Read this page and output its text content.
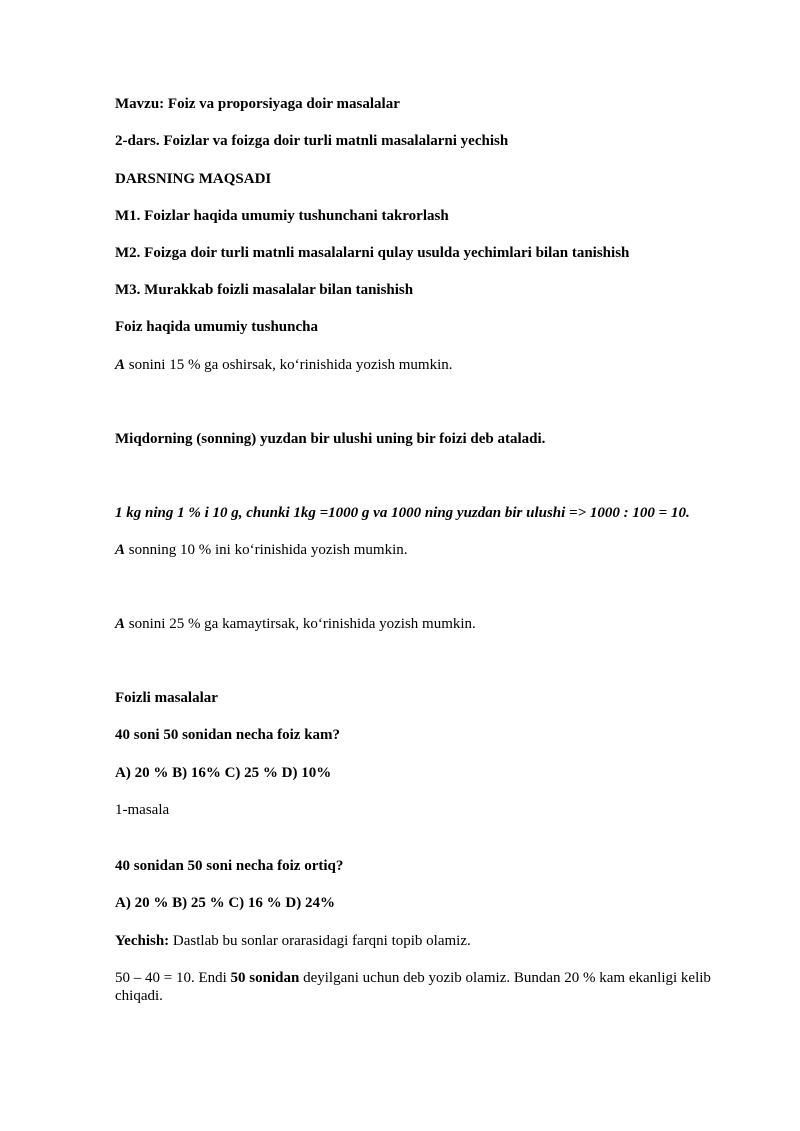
Mavzu: Foiz va proporsiyaga doir masalalar
2-dars. Foizlar va foizga doir turli matnli masalalarni yechish
DARSNING MAQSADI
M1. Foizlar haqida umumiy tushunchani takrorlash
M2. Foizga doir turli matnli masalalarni qulay usulda yechimlari bilan tanishish
M3. Murakkab foizli masalalar bilan tanishish
Foiz haqida umumiy tushuncha
A sonini 15 % ga oshirsak, ko‘rinishida yozish mumkin.
Miqdorning (sonning) yuzdan bir ulushi uning bir foizi deb ataladi.
1 kg ning 1 % i 10 g, chunki 1kg =1000 g va 1000 ning yuzdan bir ulushi => 1000 : 100 = 10.
A sonning 10 % ini ko‘rinishida yozish mumkin.
A sonini 25 % ga kamaytirsak, ko‘rinishida yozish mumkin.
Foizli masalalar
40 soni 50 sonidan necha foiz kam?
A) 20 % B) 16% C) 25 % D) 10%
1-masala
40 sonidan 50 soni necha foiz ortiq?
A) 20 % B) 25 % C) 16 % D) 24%
Yechish: Dastlab bu sonlar orarasidagi farqni topib olamiz.
50 – 40 = 10. Endi 50 sonidan deyilgani uchun deb yozib olamiz. Bundan 20 % kam ekanligi kelib chiqadi.
